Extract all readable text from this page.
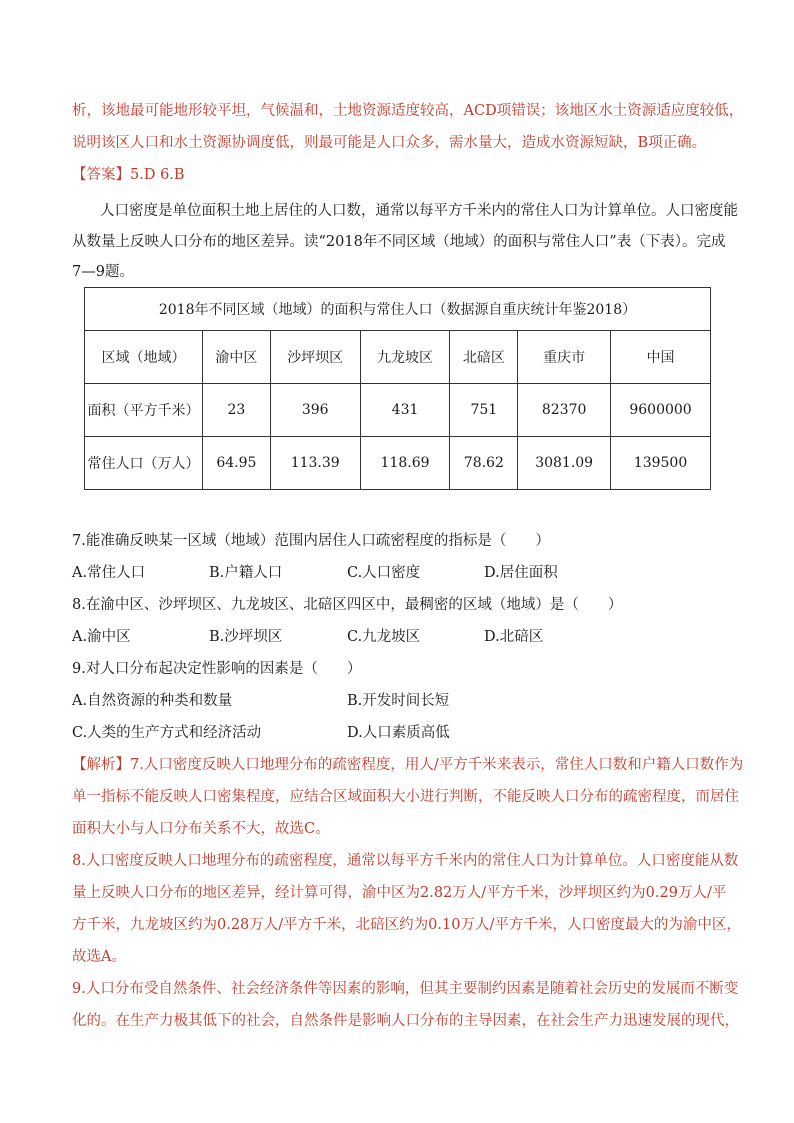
析，该地最可能地形较平坦，气候温和，土地资源适度较高，ACD项错误；该地区水土资源适应度较低，
说明该区人口和水土资源协调度低，则最可能是人口众多，需水量大，造成水资源短缺，B项正确。
【答案】5.D 6.B
人口密度是单位面积土地上居住的人口数，通常以每平方千米内的常住人口为计算单位。人口密度能
从数量上反映人口分布的地区差异。读“2018年不同区域（地域）的面积与常住人口”表（下表）。完成
7—9题。
2018年不同区域（地域）的面积与常住人口（数据源自重庆统计年鉴2018）						
区域（地域）	渝中区	沙坪坝区	九龙坡区	北碚区	重庆市	中国
面积（平方千米）	23	396	431	751	82370	9600000
常住人口（万人）	64.95	113.39	118.69	78.62	3081.09	139500
7.能准确反映某一区域（地域）范围内居住人口疏密程度的指标是（　　）
A.常住人口	B.户籍人口	C.人口密度	D.居住面积
8.在渝中区、沙坪坝区、九龙坡区、北碚区四区中，最稠密的区域（地域）是（　　）
A.渝中区	B.沙坪坝区	C.九龙坡区	D.北碚区
9.对人口分布起决定性影响的因素是（　　）
A.自然资源的种类和数量	B.开发时间长短
C.人类的生产方式和经济活动	D.人口素质高低
【解析】7.人口密度反映人口地理分布的疏密程度，用人/平方千米来表示，常住人口数和户籍人口数作为
单一指标不能反映人口密集程度，应结合区域面积大小进行判断，不能反映人口分布的疏密程度，而居住
面积大小与人口分布关系不大，故选C。
8.人口密度反映人口地理分布的疏密程度，通常以每平方千米内的常住人口为计算单位。人口密度能从数
量上反映人口分布的地区差异，经计算可得，渝中区为2.82万人/平方千米，沙坪坝区约为0.29万人/平
方千米，九龙坡区约为0.28万人/平方千米，北碚区约为0.10万人/平方千米，人口密度最大的为渝中区，
故选A。
9.人口分布受自然条件、社会经济条件等因素的影响，但其主要制约因素是随着社会历史的发展而不断变
化的。在生产力极其低下的社会，自然条件是影响人口分布的主导因素，在社会生产力迅速发展的现代，
